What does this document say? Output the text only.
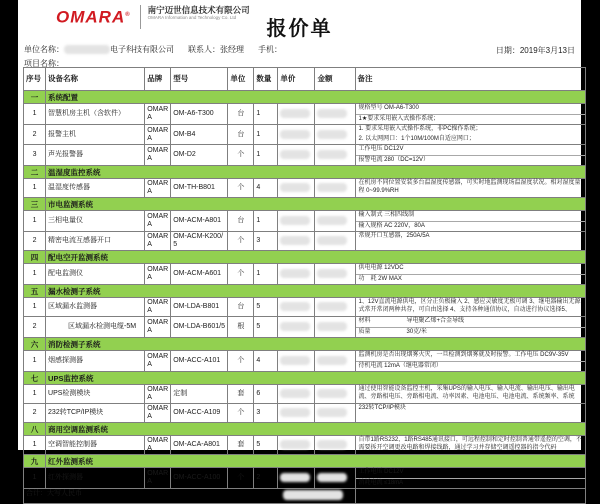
OMARA® 南宁迈世信息技术有限公司
OMARA Information and Technology Co. Ltd
报价单
单位名称：	电子科技有限公司 联系人：张经理 手机：	日期：2019年3月13日
项目名称：
序号	设备名称	品牌	型号	单位	数量	单价	金额	备注
一	系统配置							
1	智慧机房主机（含软件）	OMARA	OM-A6-T300	台	1			规格型号 OM-A6-T300
1★要求采用嵌入式操作系统；

2	报警主机	OMARA	OM-B4	台	1			1. 要求采用嵌入式操作系统，非PC操作系统；
2. 以太网网口：1个10M/100M自适应网口；

3	声光报警器	OMARA	OM-D2	个	1			工作电压 DC12V
报警电流 280（DC=12V）

二	温湿度监控系统							
1	温湿度传感器	OMARA	OM-TH-B801	个	4			在机房不同位置安装多台温湿度传感器，可实时地监测现场温湿度状况。相对湿度量程 0~99.9%RH

三	市电监测系统							
1	三相电量仪	OMARA	OM-ACM-A801	台	1			输入制式 三相四线制
输入规格 AC 220V，80A

2	精密电流互感器开口	OMARA	OM-ACM-K200/5	个	3			常规开口互感器，250A/5A

四	配电空开监测系统							
1	配电监测仪	OMARA	OM-ACM-A601	个	1			供电电源 12VDC
功　耗 2W MAX

五	漏水检测子系统							
1	区域漏水监测器	OMARA	OM-LDA-B801	台	5			1、12V直流电源供电，区分正负极输入 2、感应灵敏度无极可调 3、继电器输出无源式常开常闭两种共存，可自由选择 4、支持各种通信协议，自动进行协议选择5、

2	区域漏水检测电缆-5M	OMARA	OM-LDA-B601/5	根	5			材料　　　　　　导电聚乙烯+合金导线
质量　　　　　　30克/米

六	消防检测子系统							
1	烟感探测器	OMARA	OM-ACC-A101	个	4			监测机房是否出现烟雾火灾，一旦检测到烟雾就及时报警。工作电压 DC9V-35V
待机电流 12mA（继电器常闭）

七	UPS监控系统							
1	UPS检测模块	OMARA	定制	套	6			通过使用智能设备监控主机，采集UPS的输入电压、输入电流、输出电压、输出电流、旁路相电压、旁路相电流、功率因素、电池电压、电池电流、系统频率、系统

2	232转TCP/IP模块	OMARA	OM-ACC-A109	个	3			232转TCP/IP模块

八	商用空调监测系统							
1	空调智能控制器	OMARA	OM-ACA-A801	套	5			自带1路RS232、1路RS485通讯接口，可远程控制和定时控制普通带遥控的空调，不需要拆开空调更改电路和焊接线路，通过学习并存储空调遥控器的指令代码

九	红外监测系统							
1	红外探测器	OMARA	OM-ACC-A100	个	2			工作电压 DC12V
消耗电流 ≤18mA

合计：大写人民币							
